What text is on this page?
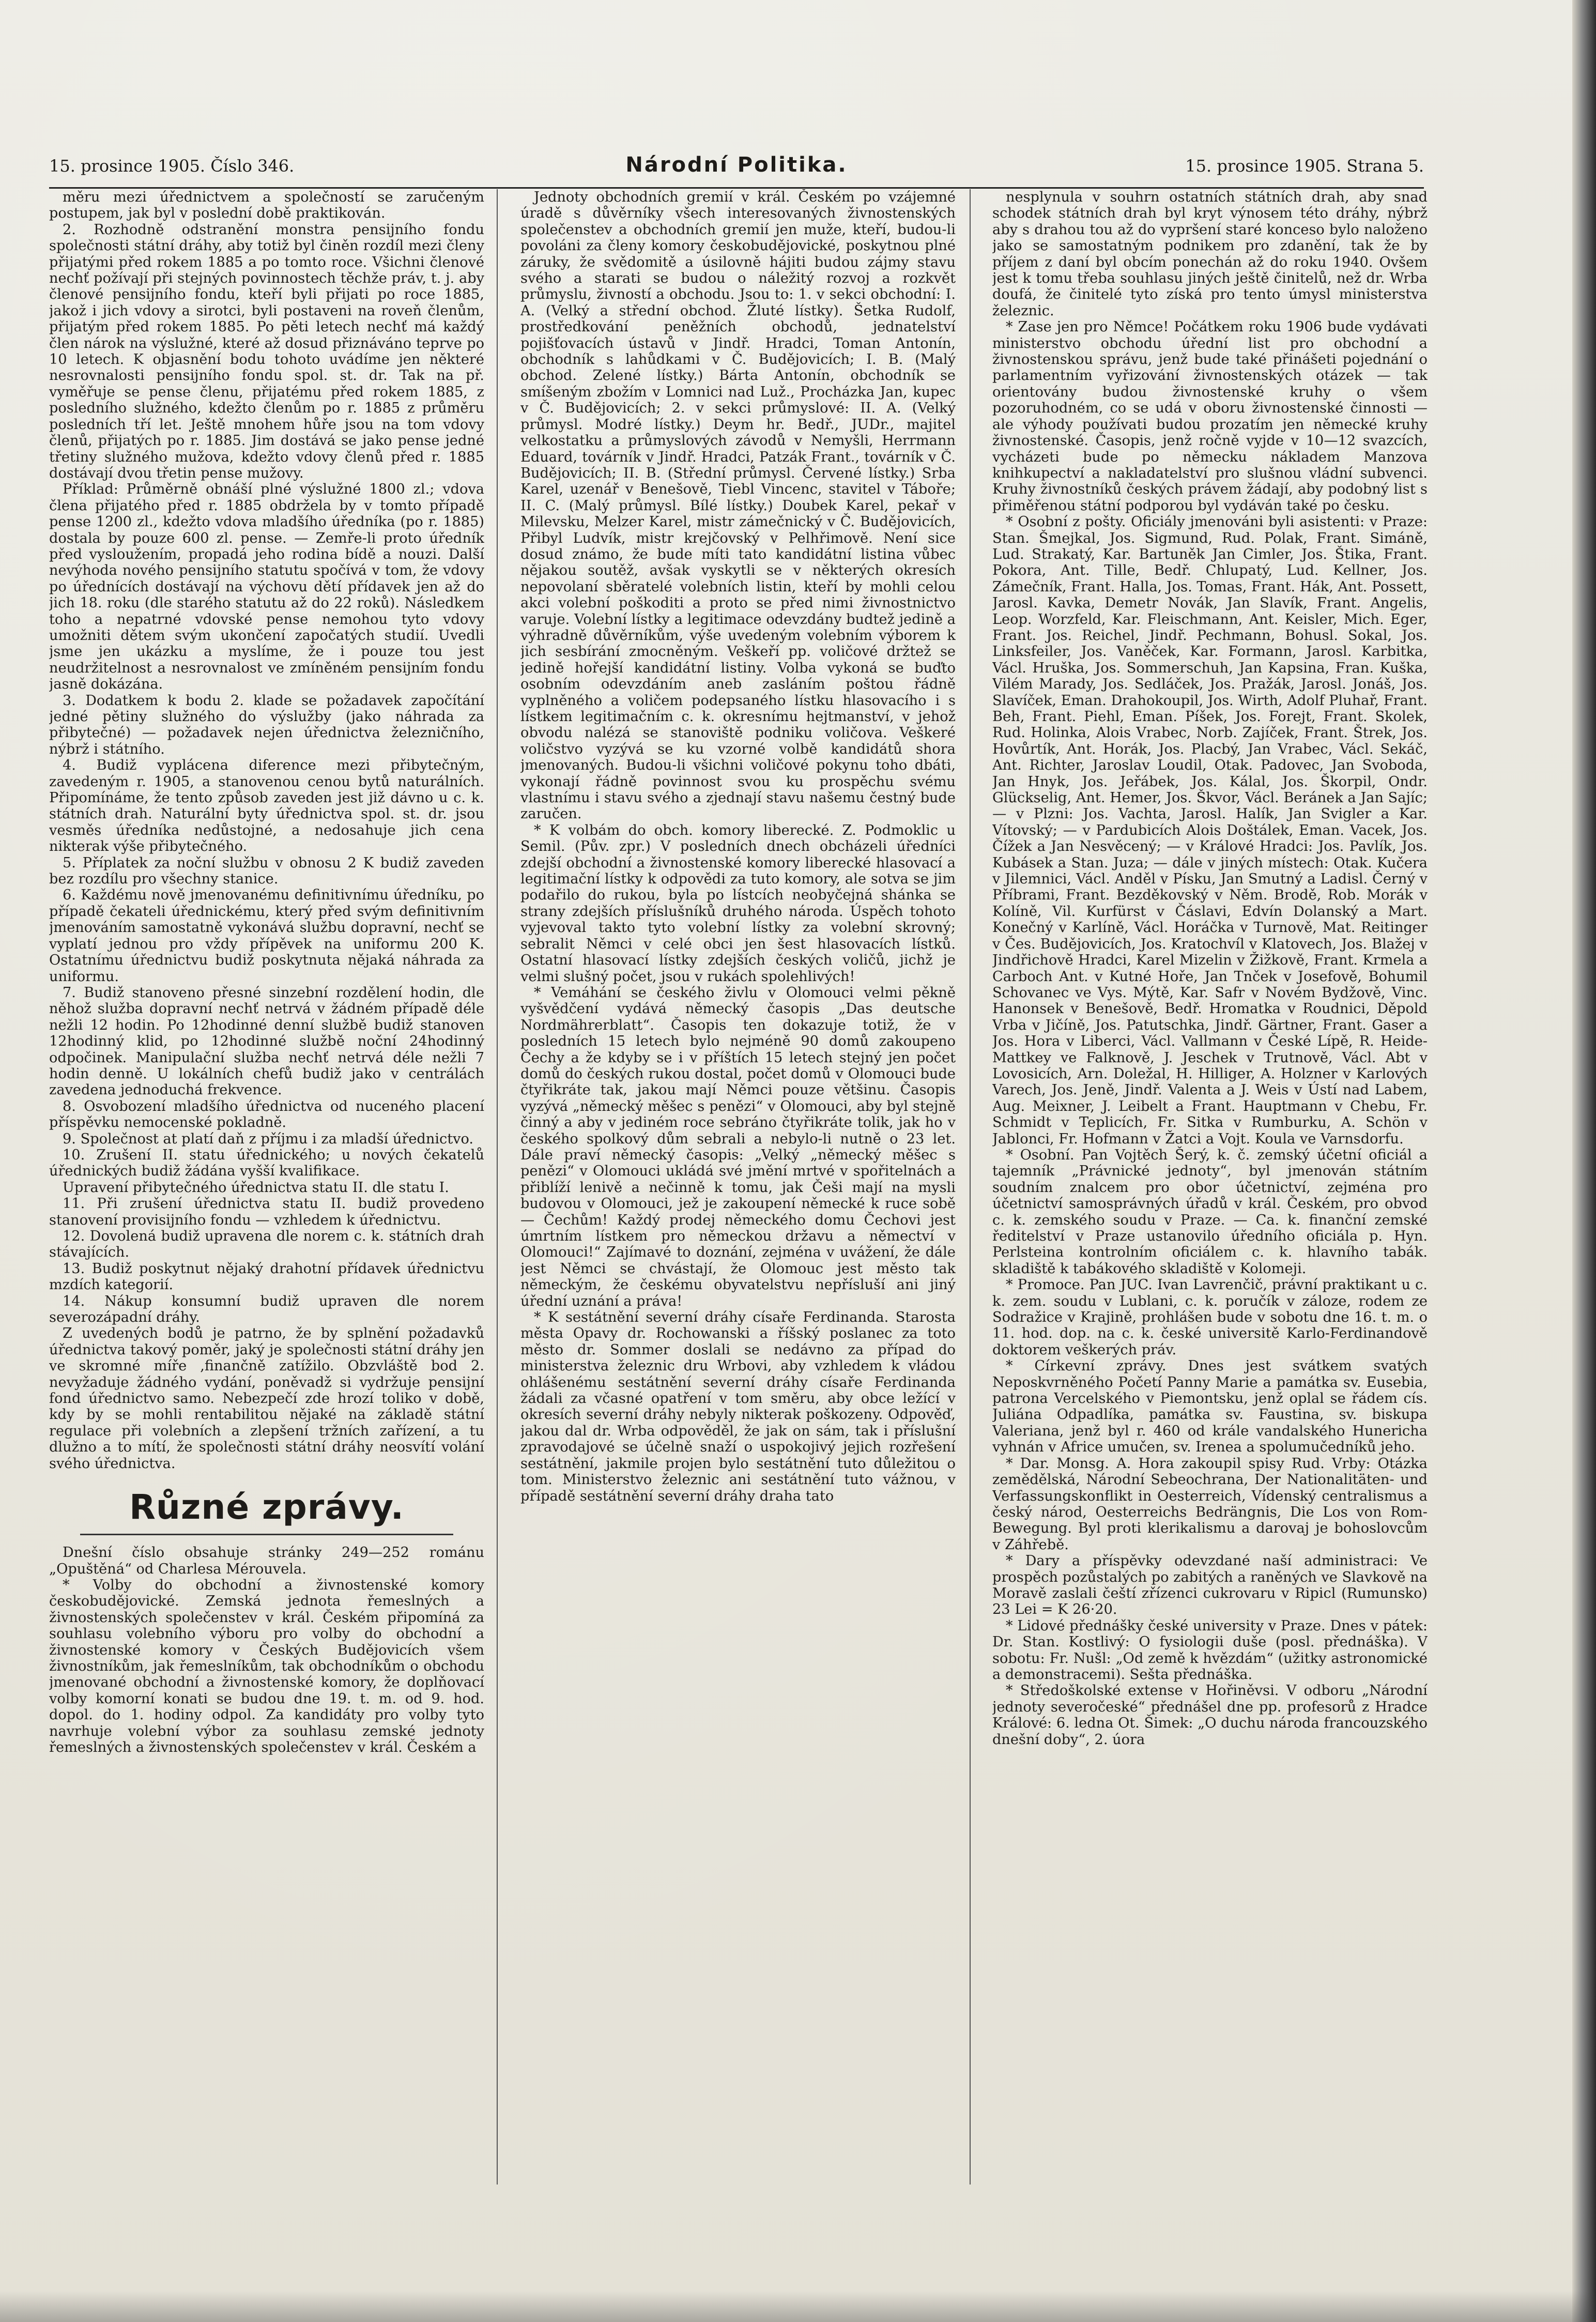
15. prosince 1905. Číslo 346.	Národní Politika.	15. prosince 1905. Strana 5.

měru mezi úřednictvem a společností se zaručeným postupem, jak byl v poslední době praktikován.

2. Rozhodně odstranění monstra pensijního fondu společnosti státní dráhy, aby totiž byl činěn rozdíl mezi členy přijatými před rokem 1885 a po tomto roce. Všichni členové nechť požívají při stejných povinnostech těchže práv, t. j. aby členové pensijního fondu, kteří byli přijati po roce 1885, jakož i jich vdovy a sirotci, byli postaveni na roveň členům, přijatým před rokem 1885. Po pěti letech nechť má každý člen nárok na výslužné, které až dosud přiznáváno teprve po 10 letech. K objasnění bodu tohoto uvádíme jen některé nesrovnalosti pensijního fondu spol. st. dr. Tak na př. vyměřuje se pense členu, přijatému před rokem 1885, z posledního služného, kdežto členům po r. 1885 z průměru posledních tří let. Ještě mnohem hůře jsou na tom vdovy členů, přijatých po r. 1885. Jim dostává se jako pense jedné třetiny služného mužova, kdežto vdovy členů před r. 1885 dostávají dvou třetin pense mužovy.

Příklad: Průměrně obnáší plné výslužné 1800 zl.; vdova člena přijatého před r. 1885 obdržela by v tomto případě pense 1200 zl., kdežto vdova mladšího úředníka (po r. 1885) dostala by pouze 600 zl. pense. — Zemře-li proto úředník před vysloužením, propadá jeho rodina bídě a nouzi. Další nevýhoda nového pensijního statutu spočívá v tom, že vdovy po úřednících dostávají na výchovu dětí přídavek jen až do jich 18. roku (dle starého statutu až do 22 roků). Následkem toho a nepatrné vdovské pense nemohou tyto vdovy umožniti dětem svým ukončení započatých studií. Uvedli jsme jen ukázku a myslíme, že i pouze tou jest neudržitelnost a nesrovnalost ve zmíněném pensijním fondu jasně dokázána.

3. Dodatkem k bodu 2. klade se požadavek započítání jedné pětiny služného do výslužby (jako náhrada za přibytečné) — požadavek nejen úřednictva železničního, nýbrž i státního.

4. Budiž vyplácena diference mezi přibytečným, zavedeným r. 1905, a stanovenou cenou bytů naturálních. Připomínáme, že tento způsob zaveden jest již dávno u c. k. státních drah. Naturální byty úřednictva spol. st. dr. jsou vesměs úředníka nedůstojné, a nedosahuje jich cena nikterak výše přibytečného.

5. Příplatek za noční službu v obnosu 2 K budiž zaveden bez rozdílu pro všechny stanice.

6. Každému nově jmenovanému definitivnímu úředníku, po případě čekateli úřednickému, který před svým definitivním jmenováním samostatně vykonává službu dopravní, nechť se vyplatí jednou pro vždy přípěvek na uniformu 200 K. Ostatnímu úřednictvu budiž poskytnuta nějaká náhrada za uniformu.

7. Budiž stanoveno přesné sinzební rozdělení hodin, dle něhož služba dopravní nechť netrvá v žádném případě déle nežli 12 hodin. Po 12hodinné denní službě budiž stanoven 12hodinný klid, po 12hodinné službě noční 24hodinný odpočinek. Manipulační služba nechť netrvá déle nežli 7 hodin denně. U lokálních chefů budiž jako v centrálách zavedena jednoduchá frekvence.

8. Osvobození mladšího úřednictva od nuceného placení příspěvku nemocenské pokladně.

9. Společnost at platí daň z příjmu i za mladší úřednictvo.

10. Zrušení II. statu úřednického; u nových čekatelů úřednických budiž žádána vyšší kvalifikace.

Upravení přibytečného úřednictva statu II. dle statu I.

11. Při zrušení úřednictva statu II. budiž provedeno stanovení provisijního fondu — vzhledem k úřednictvu.

12. Dovolená budiž upravena dle norem c. k. státních drah stávajících.

13. Budiž poskytnut nějaký drahotní přídavek úřednictvu mzdích kategorií.

14. Nákup konsumní budiž upraven dle norem severozápadní dráhy.

Z uvedených bodů je patrno, že by splnění požadavků úřednictva takový poměr, jaký je společnosti státní dráhy jen ve skromné míře ,finančně zatížilo. Obzvláště bod 2. nevyžaduje žádného vydání, poněvadž si vydržuje pensijní fond úřednictvo samo. Nebezpečí zde hrozí toliko v době, kdy by se mohli rentabilitou nějaké na základě státní regulace při volebních a zlepšení tržních zařízení, a tu dlužno a to mítí, že společnosti státní dráhy neosvítí volání svého úřednictva.

Různé zprávy.

Dnešní číslo obsahuje stránky 249—252 románu „Opuštěná“ od Charlesa Mérouvela.

* Volby do obchodní a živnostenské komory českobudějovické. Zemská jednota řemeslných a živnostenských společenstev v král. Českém připomíná za souhlasu volebního výboru pro volby do obchodní a živnostenské komory v Českých Budějovicích všem živnostníkům, jak řemeslníkům, tak obchodníkům o obchodu jmenované obchodní a živnostenské komory, že doplňovací volby komorní konati se budou dne 19. t. m. od 9. hod. dopol. do 1. hodiny odpol. Za kandidáty pro volby tyto navrhuje volební výbor za souhlasu zemské jednoty řemeslných a živnostenských společenstev v král. Českém a

Jednoty obchodních gremií v král. Českém po vzájemné úradě s důvěrníky všech interesovaných živnostenských společenstev a obchodních gremií jen muže, kteří, budou-li povoláni za členy komory českobudějovické, poskytnou plné záruky, že svědomitě a úsilovně hájiti budou zájmy stavu svého a starati se budou o náležitý rozvoj a rozkvět průmyslu, živností a obchodu. Jsou to: 1. v sekci obchodní: I. A. (Velký a střední obchod. Žluté lístky). Šetka Rudolf, prostředkování peněžních obchodů, jednatelství pojišťovacích ústavů v Jindř. Hradci, Toman Antonín, obchodník s lahůdkami v Č. Budějovicích; I. B. (Malý obchod. Zelené lístky.) Bárta Antonín, obchodník se smíšeným zbožím v Lomnici nad Luž., Procházka Jan, kupec v Č. Budějovicích; 2. v sekci průmyslové: II. A. (Velký průmysl. Modré lístky.) Deym hr. Bedř., JUDr., majitel velkostatku a průmyslových závodů v Nemyšli, Herrmann Eduard, továrník v Jindř. Hradci, Patzák Frant., továrník v Č. Budějovicích; II. B. (Střední průmysl. Červené lístky.) Srba Karel, uzenář v Benešově, Tiebl Vincenc, stavitel v Táboře; II. C. (Malý průmysl. Bílé lístky.) Doubek Karel, pekař v Milevsku, Melzer Karel, mistr zámečnický v Č. Budějovicích, Přibyl Ludvík, mistr krejčovský v Pelhřimově. Není sice dosud známo, že bude míti tato kandidátní listina vůbec nějakou soutěž, avšak vyskytli se v některých okresích nepovolaní sběratelé volebních listin, kteří by mohli celou akci volební poškoditi a proto se před nimi živnostnictvo varuje. Volební lístky a legitimace odevzdány budtež jedině a výhradně důvěrníkům, výše uvedeným volebním výborem k jich sesbírání zmocněným. Veškeří pp. voličové držtež se jedině hořejší kandidátní listiny. Volba vykoná se buďto osobním odevzdáním aneb zasláním poštou řádně vyplněného a voličem podepsaného lístku hlasovacího i s lístkem legitimačním c. k. okresnímu hejtmanství, v jehož obvodu nalézá se stanoviště podniku voličova. Veškeré voličstvo vyzývá se ku vzorné volbě kandidátů shora jmenovaných. Budou-li všichni voličové pokynu toho dbáti, vykonají řádně povinnost svou ku prospěchu svému vlastnímu i stavu svého a zjednají stavu našemu čestný bude zaručen.

* K volbám do obch. komory liberecké. Z. Podmoklic u Semil. (Pův. zpr.) V posledních dnech obcházeli úředníci zdejší obchodní a živnostenské komory liberecké hlasovací a legitimační lístky k odpovědi za tuto komory, ale sotva se jim podařilo do rukou, byla po lístcích neobyčejná shánka se strany zdejších příslušníků druhého národa. Úspěch tohoto vyjevoval takto tyto volební lístky za volební skrovný; sebralit Němci v celé obci jen šest hlasovacích lístků. Ostatní hlasovací lístky zdejších českých voličů, jichž je velmi slušný počet, jsou v rukách spolehlivých!

* Vemáhání se českého živlu v Olomouci velmi pěkně vyšvědčení vydává německý časopis „Das deutsche Nordmährerblatt“. Časopis ten dokazuje totiž, že v posledních 15 letech bylo nejméně 90 domů zakoupeno Čechy a že kdyby se i v příštích 15 letech stejný jen počet domů do českých rukou dostal, počet domů v Olomouci bude čtyřikráte tak, jakou mají Němci pouze většinu. Časopis vyzývá „německý měšec s penězi“ v Olomouci, aby byl stejně činný a aby v jediném roce sebráno čtyřikráte tolik, jak ho v českého spolkový dům sebrali a nebylo-li nutně o 23 let. Dále praví německý časopis: „Velký „německý měšec s penězi“ v Olomouci ukládá své jmění mrtvé v spořitelnách a přiblíží lenivě a nečinně k tomu, jak Češi mají na mysli budovou v Olomouci, jež je zakoupení německé k ruce sobě — Čechům! Každý prodej německého domu Čechovi jest úmrtním lístkem pro německou državu a němectví v Olomouci!“ Zajímavé to doznání, zejména v uvážení, že dále jest Němci se chvástají, že Olomouc jest město tak německým, že českému obyvatelstvu nepřísluší ani jiný úřední uznání a práva!

* K sestátnění severní dráhy císaře Ferdinanda. Starosta města Opavy dr. Rochowanski a říšský poslanec za toto město dr. Sommer doslali se nedávno za případ do ministerstva železnic dru Wrbovi, aby vzhledem k vládou ohlášenému sestátnění severní dráhy císaře Ferdinanda žádali za včasné opatření v tom směru, aby obce ležící v okresích severní dráhy nebyly nikterak poškozeny. Odpověď, jakou dal dr. Wrba odpověděl, že jak on sám, tak i příslušní zpravodajové se účelně snaží o uspokojivý jejich rozřešení sestátnění, jakmile projen bylo sestátnění tuto důležitou o tom. Ministerstvo železnic ani sestátnění tuto vážnou, v případě sestátnění severní dráhy draha tato

nesplynula v souhrn ostatních státních drah, aby snad schodek státních drah byl kryt výnosem této dráhy, nýbrž aby s drahou tou až do vypršení staré konceso bylo naloženo jako se samostatným podnikem pro zdanění, tak že by příjem z daní byl obcím ponechán až do roku 1940. Ovšem jest k tomu třeba souhlasu jiných ještě činitelů, než dr. Wrba doufá, že činitelé tyto získá pro tento úmysl ministerstva železnic.

* Zase jen pro Němce! Počátkem roku 1906 bude vydávati ministerstvo obchodu úřední list pro obchodní a živnostenskou správu, jenž bude také přinášeti pojednání o parlamentním vyřizování živnostenských otázek — tak orientovány budou živnostenské kruhy o všem pozoruhodném, co se udá v oboru živnostenské činnosti — ale výhody používati budou prozatím jen německé kruhy živnostenské. Časopis, jenž ročně vyjde v 10—12 svazcích, vycházeti bude po německu nákladem Manzova knihkupectví a nakladatelství pro slušnou vládní subvenci. Kruhy živnostníků českých právem žádají, aby podobný list s přiměřenou státní podporou byl vydáván také po česku.

* Osobní z pošty. Oficiály jmenováni byli asistenti: v Praze: Stan. Šmejkal, Jos. Sigmund, Rud. Polak, Frant. Simáně, Lud. Strakatý, Kar. Bartuněk Jan Cimler, Jos. Štika, Frant. Pokora, Ant. Tille, Bedř. Chlupatý, Lud. Kellner, Jos. Zámečník, Frant. Halla, Jos. Tomas, Frant. Hák, Ant. Possett, Jarosl. Kavka, Demetr Novák, Jan Slavík, Frant. Angelis, Leop. Worzfeld, Kar. Fleischmann, Ant. Keisler, Mich. Eger, Frant. Jos. Reichel, Jindř. Pechmann, Bohusl. Sokal, Jos. Linksfeiler, Jos. Vaněček, Kar. Formann, Jarosl. Karbitka, Václ. Hruška, Jos. Sommerschuh, Jan Kapsina, Fran. Kuška, Vilém Marady, Jos. Sedláček, Jos. Pražák, Jarosl. Jonáš, Jos. Slavíček, Eman. Drahokoupil, Jos. Wirth, Adolf Pluhař, Frant. Beh, Frant. Piehl, Eman. Píšek, Jos. Forejt, Frant. Skolek, Rud. Holinka, Alois Vrabec, Norb. Zajíček, Frant. Štrek, Jos. Hovůrtík, Ant. Horák, Jos. Placbý, Jan Vrabec, Václ. Sekáč, Ant. Richter, Jaroslav Loudil, Otak. Padovec, Jan Svoboda, Jan Hnyk, Jos. Jeřábek, Jos. Kálal, Jos. Škorpil, Ondr. Glückselig, Ant. Hemer, Jos. Škvor, Václ. Beránek a Jan Sajíc; — v Plzni: Jos. Vachta, Jarosl. Halík, Jan Svigler a Kar. Vítovský; — v Pardubicích Alois Doštálek, Eman. Vacek, Jos. Čížek a Jan Nesvěcený; — v Králové Hradci: Jos. Pavlík, Jos. Kubásek a Stan. Juza; — dále v jiných místech: Otak. Kučera v Jilemnici, Václ. Anděl v Písku, Jan Smutný a Ladisl. Černý v Příbrami, Frant. Bezděkovský v Něm. Brodě, Rob. Morák v Kolíně, Vil. Kurfürst v Čáslavi, Edvín Dolanský a Mart. Konečný v Karlíně, Václ. Horáčka v Turnově, Mat. Reitinger v Čes. Budějovicích, Jos. Kratochvíl v Klatovech, Jos. Blažej v Jindřichově Hradci, Karel Mizelin v Žižkově, Frant. Krmela a Carboch Ant. v Kutné Hoře, Jan Tnček v Josefově, Bohumil Schovanec ve Vys. Mýtě, Kar. Safr v Novém Bydžově, Vinc. Hanonsek v Benešově, Bedř. Hromatka v Roudnici, Děpold Vrba v Jičíně, Jos. Patutschka, Jindř. Gärtner, Frant. Gaser a Jos. Hora v Liberci, Václ. Vallmann v České Lípě, R. Heide-Mattkey ve Falknově, J. Jeschek v Trutnově, Václ. Abt v Lovosicích, Arn. Doležal, H. Hilliger, A. Holzner v Karlových Varech, Jos. Jeně, Jindř. Valenta a J. Weis v Ústí nad Labem, Aug. Meixner, J. Leibelt a Frant. Hauptmann v Chebu, Fr. Schmidt v Teplicích, Fr. Sitka v Rumburku, A. Schön v Jablonci, Fr. Hofmann v Žatci a Vojt. Koula ve Varnsdorfu.

* Osobní. Pan Vojtěch Šerý, k. č. zemský účetní oficiál a tajemník „Právnické jednoty“, byl jmenován státním soudním znalcem pro obor účetnictví, zejména pro účetnictví samosprávných úřadů v král. Českém, pro obvod c. k. zemského soudu v Praze. — Ca. k. finanční zemské ředitelství v Praze ustanovilo úředního oficiála p. Hyn. Perlsteina kontrolním oficiálem c. k. hlavního tabák. skladiště k tabákového skladiště v Kolomeji.

* Promoce. Pan JUC. Ivan Lavrenčič, právní praktikant u c. k. zem. soudu v Lublani, c. k. poručík v záloze, rodem ze Sodražice v Krajině, prohlášen bude v sobotu dne 16. t. m. o 11. hod. dop. na c. k. české universitě Karlo-Ferdinandově doktorem veškerých práv.

* Církevní zprávy. Dnes jest svátkem svatých Neposkvrněného Početí Panny Marie a památka sv. Eusebia, patrona Vercelského v Piemontsku, jenž oplal se řádem cís. Juliána Odpadlíka, památka sv. Faustina, sv. biskupa Valeriana, jenž byl r. 460 od krále vandalského Hunericha vyhnán v Africe umučen, sv. Irenea a spolumučedníků jeho.

* Dar. Monsg. A. Hora zakoupil spisy Rud. Vrby: Otázka zemědělská, Národní Sebeochrana, Der Nationalitäten- und Verfassungskonflikt in Oesterreich, Vídenský centralismus a český národ, Oesterreichs Bedrängnis, Die Los von Rom-Bewegung. Byl proti klerikalismu a darovaj je bohoslovcům v Záhřebě.

* Dary a příspěvky odevzdané naší administraci: Ve prospěch pozůstalých po zabitých a raněných ve Slavkově na Moravě zaslali čeští zřízenci cukrovaru v Ripicl (Rumunsko) 23 Lei = K 26·20.

* Lidové přednášky české university v Praze. Dnes v pátek: Dr. Stan. Kostlivý: O fysiologii duše (posl. přednáška). V sobotu: Fr. Nušl: „Od země k hvězdám“ (užitky astronomické a demonstracemi). Sešta přednáška.

* Středoškolské extense v Hořiněvsi. V odboru „Národní jednoty severočeské“ přednášel dne pp. profesorů z Hradce Králové: 6. ledna Ot. Šimek: „O duchu národa francouzského dnešní doby“, 2. úora
